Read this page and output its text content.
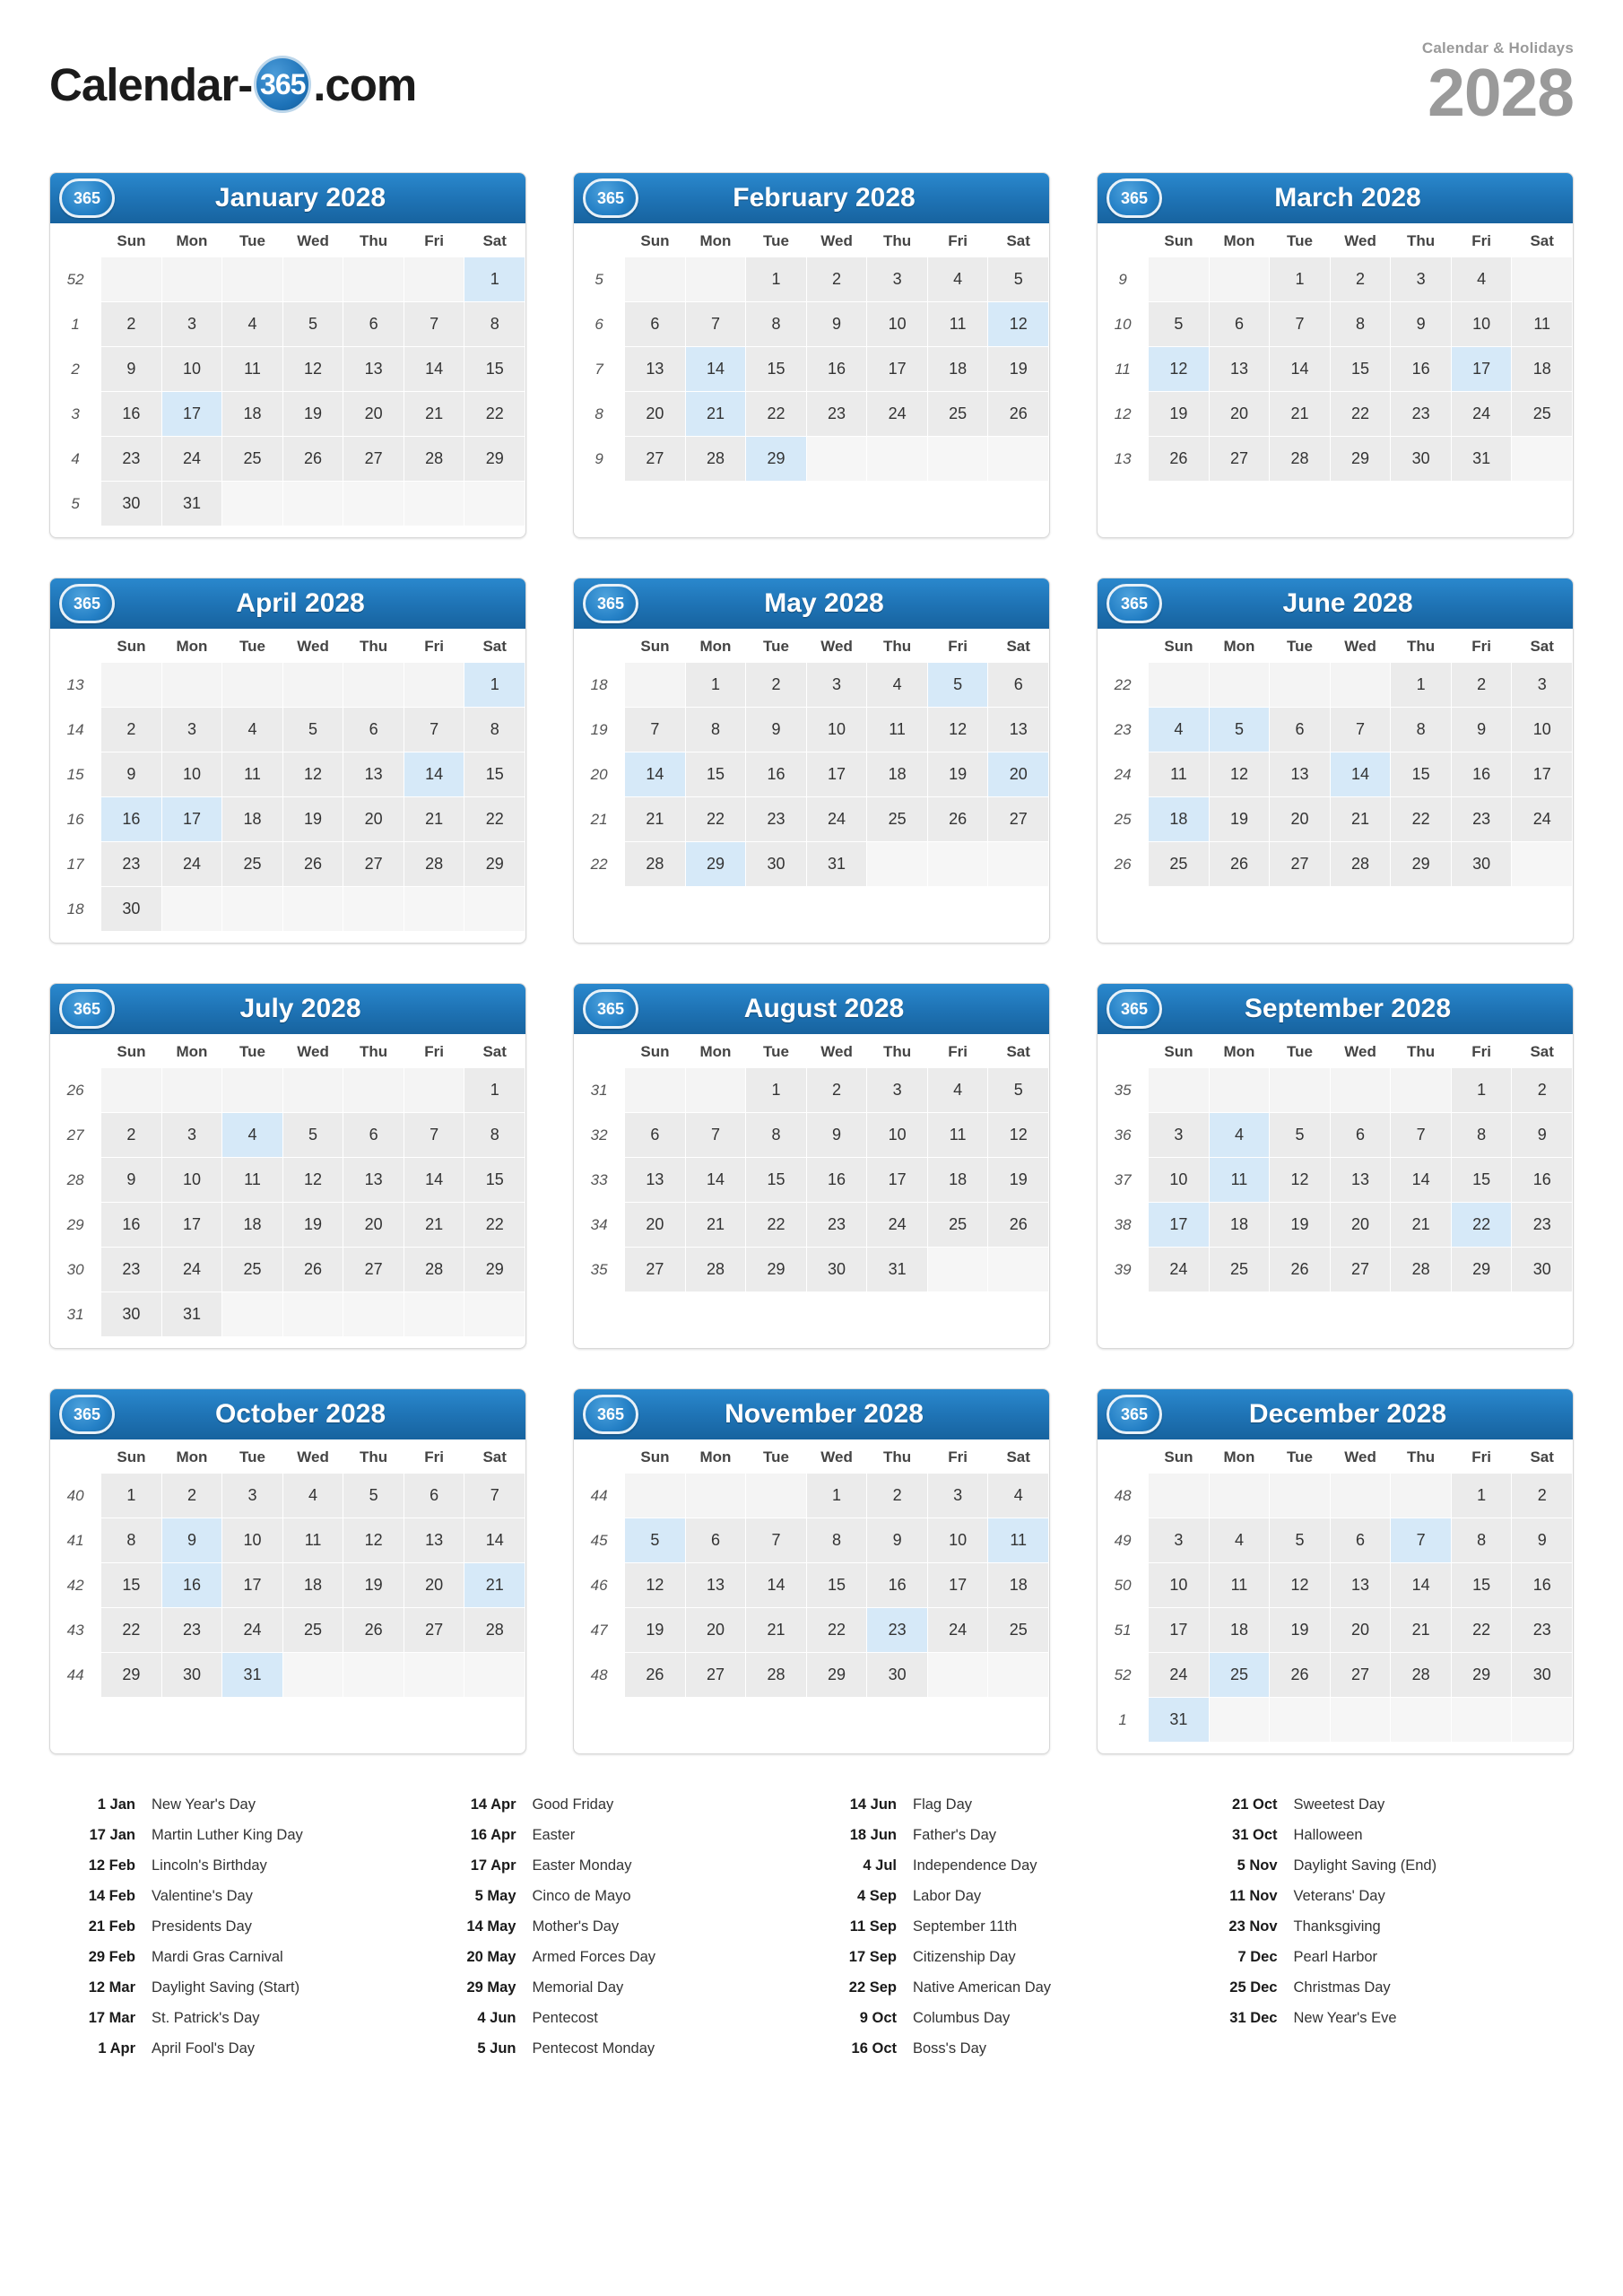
Calendar- 365 .com
Calendar & Holidays
2028
365	January 2028
	Sun	Mon	Tue	Wed	Thu	Fri	Sat
52							1
1	2	3	4	5	6	7	8
2	9	10	11	12	13	14	15
3	16	17	18	19	20	21	22
4	23	24	25	26	27	28	29
5	30	31					
365	February 2028
	Sun	Mon	Tue	Wed	Thu	Fri	Sat
5			1	2	3	4	5
6	6	7	8	9	10	11	12
7	13	14	15	16	17	18	19
8	20	21	22	23	24	25	26
9	27	28	29				
365	March 2028
	Sun	Mon	Tue	Wed	Thu	Fri	Sat
9			1	2	3	4	
10	5	6	7	8	9	10	11
11	12	13	14	15	16	17	18
12	19	20	21	22	23	24	25
13	26	27	28	29	30	31	
365	April 2028
	Sun	Mon	Tue	Wed	Thu	Fri	Sat
13							1
14	2	3	4	5	6	7	8
15	9	10	11	12	13	14	15
16	16	17	18	19	20	21	22
17	23	24	25	26	27	28	29
18	30						
365	May 2028
	Sun	Mon	Tue	Wed	Thu	Fri	Sat
18		1	2	3	4	5	6
19	7	8	9	10	11	12	13
20	14	15	16	17	18	19	20
21	21	22	23	24	25	26	27
22	28	29	30	31			
365	June 2028
	Sun	Mon	Tue	Wed	Thu	Fri	Sat
22					1	2	3
23	4	5	6	7	8	9	10
24	11	12	13	14	15	16	17
25	18	19	20	21	22	23	24
26	25	26	27	28	29	30	
365	July 2028
	Sun	Mon	Tue	Wed	Thu	Fri	Sat
26							1
27	2	3	4	5	6	7	8
28	9	10	11	12	13	14	15
29	16	17	18	19	20	21	22
30	23	24	25	26	27	28	29
31	30	31					
365	August 2028
	Sun	Mon	Tue	Wed	Thu	Fri	Sat
31			1	2	3	4	5
32	6	7	8	9	10	11	12
33	13	14	15	16	17	18	19
34	20	21	22	23	24	25	26
35	27	28	29	30	31		
365	September 2028
	Sun	Mon	Tue	Wed	Thu	Fri	Sat
35						1	2
36	3	4	5	6	7	8	9
37	10	11	12	13	14	15	16
38	17	18	19	20	21	22	23
39	24	25	26	27	28	29	30
365	October 2028
	Sun	Mon	Tue	Wed	Thu	Fri	Sat
40	1	2	3	4	5	6	7
41	8	9	10	11	12	13	14
42	15	16	17	18	19	20	21
43	22	23	24	25	26	27	28
44	29	30	31				
365	November 2028
	Sun	Mon	Tue	Wed	Thu	Fri	Sat
44				1	2	3	4
45	5	6	7	8	9	10	11
46	12	13	14	15	16	17	18
47	19	20	21	22	23	24	25
48	26	27	28	29	30		
365	December 2028
	Sun	Mon	Tue	Wed	Thu	Fri	Sat
48						1	2
49	3	4	5	6	7	8	9
50	10	11	12	13	14	15	16
51	17	18	19	20	21	22	23
52	24	25	26	27	28	29	30
1	31						
1 Jan	New Year's Day
17 Jan	Martin Luther King Day
12 Feb	Lincoln's Birthday
14 Feb	Valentine's Day
21 Feb	Presidents Day
29 Feb	Mardi Gras Carnival
12 Mar	Daylight Saving (Start)
17 Mar	St. Patrick's Day
1 Apr	April Fool's Day
14 Apr	Good Friday
16 Apr	Easter
17 Apr	Easter Monday
5 May	Cinco de Mayo
14 May	Mother's Day
20 May	Armed Forces Day
29 May	Memorial Day
4 Jun	Pentecost
5 Jun	Pentecost Monday
14 Jun	Flag Day
18 Jun	Father's Day
4 Jul	Independence Day
4 Sep	Labor Day
11 Sep	September 11th
17 Sep	Citizenship Day
22 Sep	Native American Day
9 Oct	Columbus Day
16 Oct	Boss's Day
21 Oct	Sweetest Day
31 Oct	Halloween
5 Nov	Daylight Saving (End)
11 Nov	Veterans' Day
23 Nov	Thanksgiving
7 Dec	Pearl Harbor
25 Dec	Christmas Day
31 Dec	New Year's Eve
